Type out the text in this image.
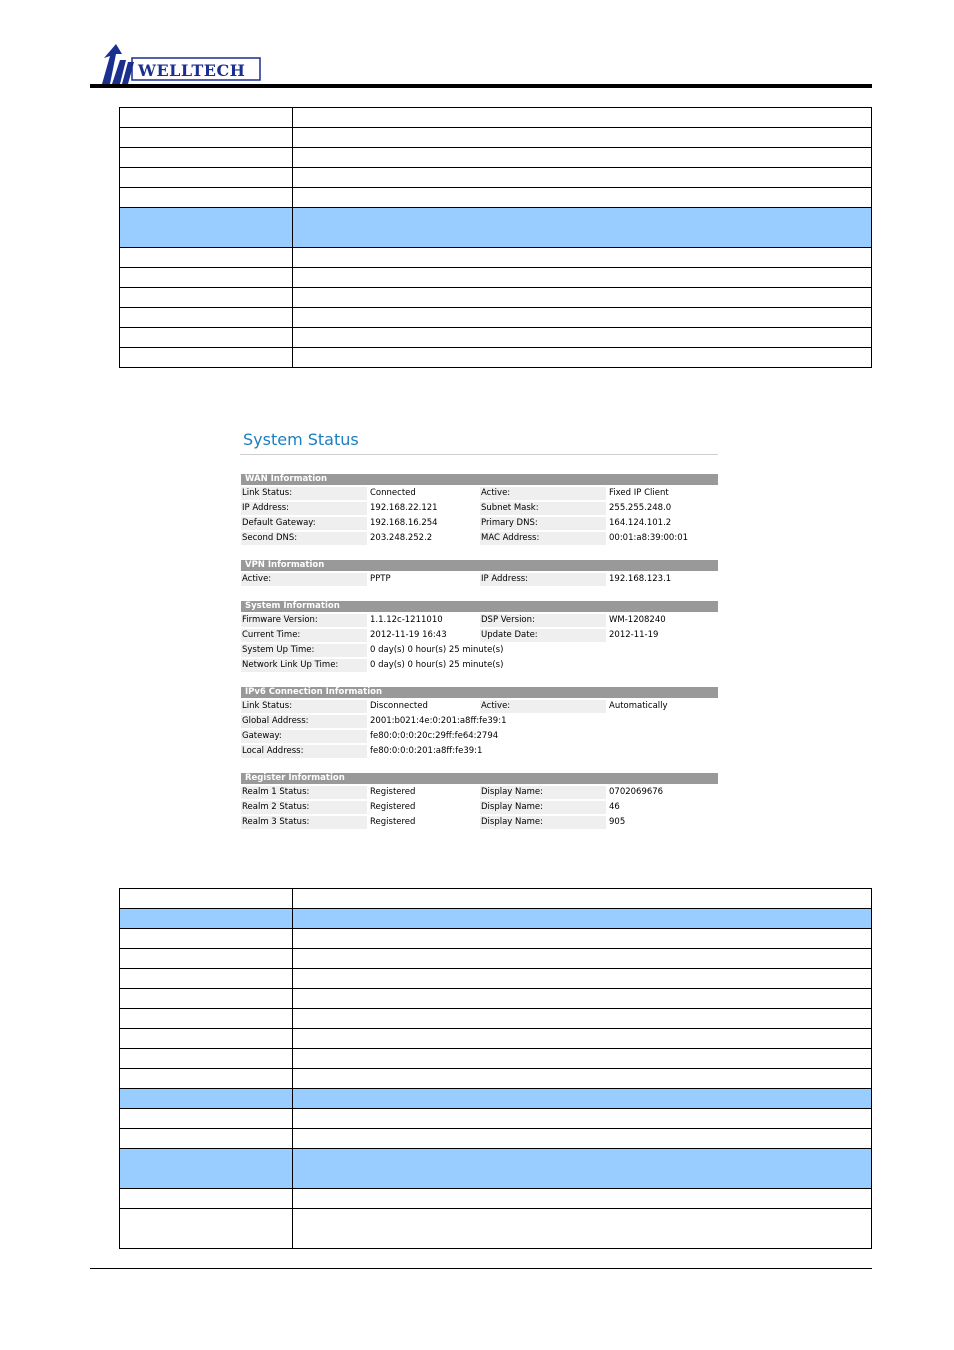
WELLTECH

System Status
WAN Information
Link Status:	Connected	Active:	Fixed IP Client
IP Address:	192.168.22.121	Subnet Mask:	255.255.248.0
Default Gateway:	192.168.16.254	Primary DNS:	164.124.101.2
Second DNS:	203.248.252.2	MAC Address:	00:01:a8:39:00:01
VPN Information
Active:	PPTP	IP Address:	192.168.123.1
System Information
Firmware Version:	1.1.12c-1211010	DSP Version:	WM-1208240
Current Time:	2012-11-19 16:43	Update Date:	2012-11-19
System Up Time:	0 day(s) 0 hour(s) 25 minute(s)
Network Link Up Time:	0 day(s) 0 hour(s) 25 minute(s)
IPv6 Connection Information
Link Status:	Disconnected	Active:	Automatically
Global Address:	2001:b021:4e:0:201:a8ff:fe39:1
Gateway:	fe80:0:0:0:20c:29ff:fe64:2794
Local Address:	fe80:0:0:0:201:a8ff:fe39:1
Register Information
Realm 1 Status:	Registered	Display Name:	0702069676
Realm 2 Status:	Registered	Display Name:	46
Realm 3 Status:	Registered	Display Name:	905
